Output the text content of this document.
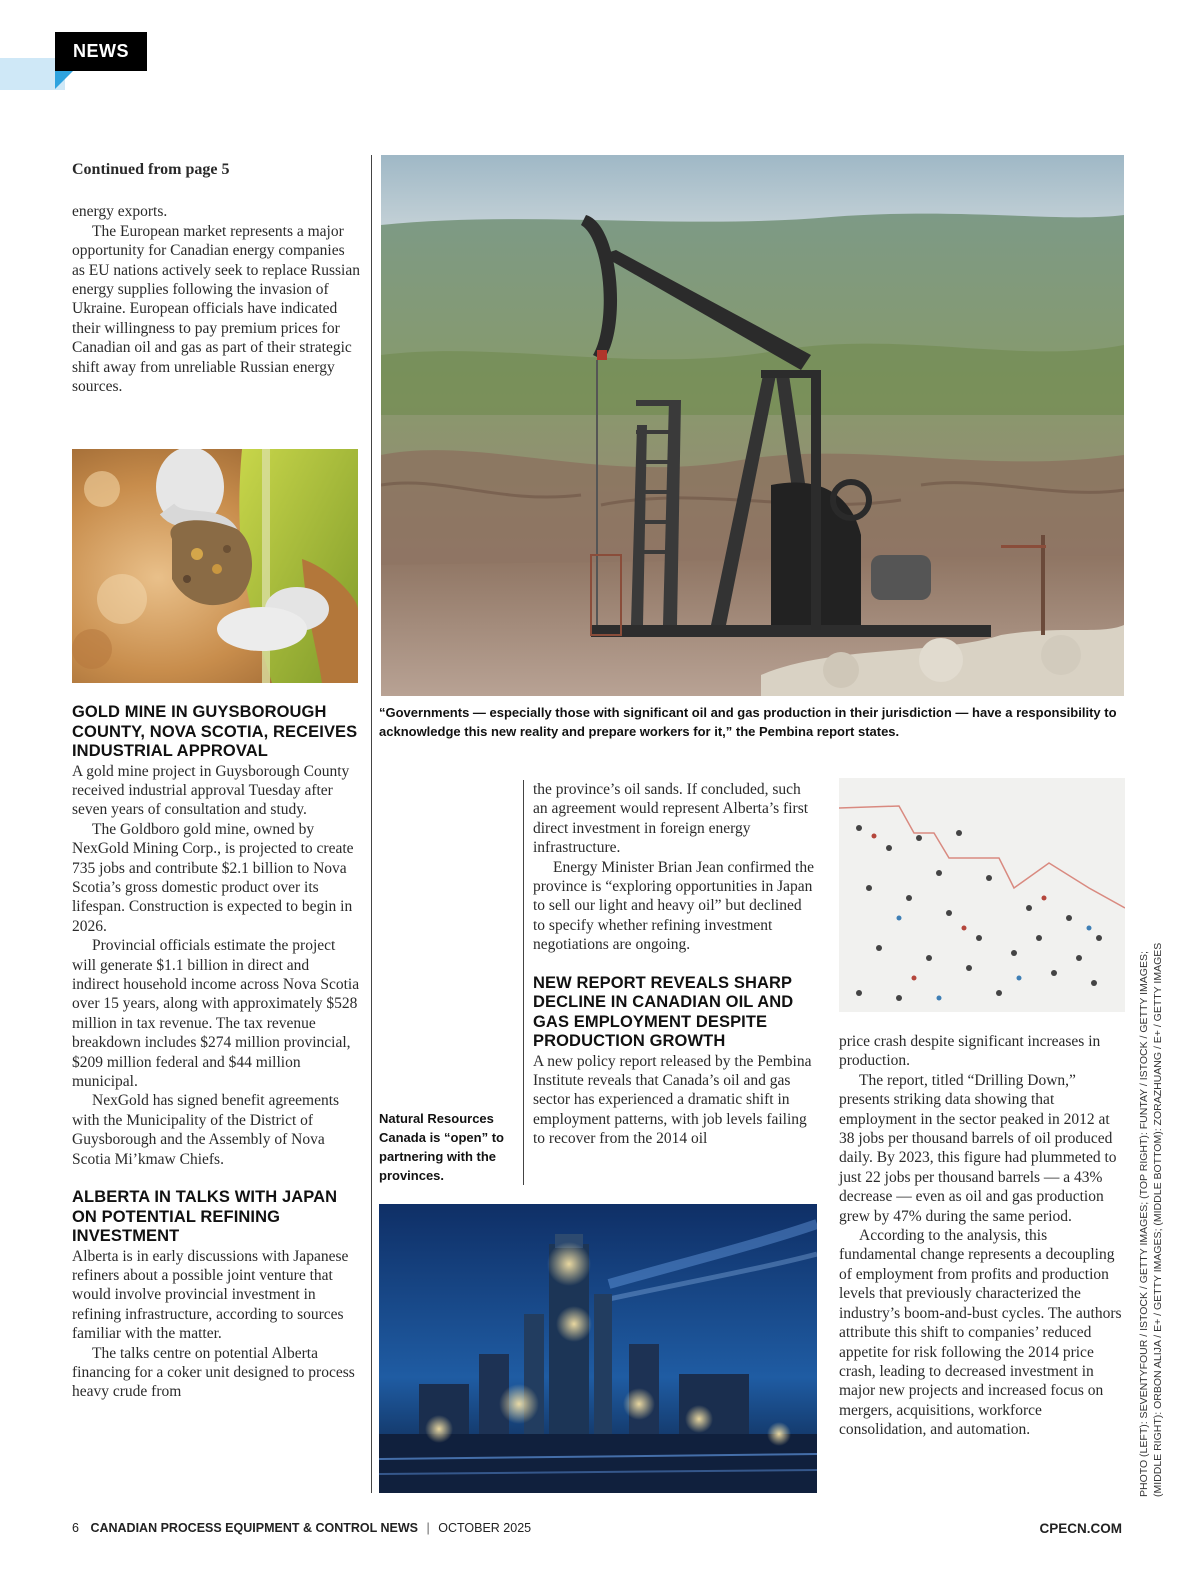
NEWS
Continued from page 5

energy exports.

The European market represents a major opportunity for Canadian energy companies as EU nations actively seek to replace Russian energy supplies following the invasion of Ukraine. European officials have indicated their willingness to pay premium prices for Canadian oil and gas as part of their strategic shift away from unreliable Russian energy sources.

GOLD MINE IN GUYSBOROUGH COUNTY, NOVA SCOTIA, RECEIVES INDUSTRIAL APPROVAL

A gold mine project in Guysborough County received industrial approval Tuesday after seven years of consultation and study.

The Goldboro gold mine, owned by NexGold Mining Corp., is projected to create 735 jobs and contribute $2.1 billion to Nova Scotia’s gross domestic product over its lifespan. Construction is expected to begin in 2026.

Provincial officials estimate the project will generate $1.1 billion in direct and indirect household income across Nova Scotia over 15 years, along with approximately $528 million in tax revenue. The tax revenue breakdown includes $274 million provincial, $209 million federal and $44 million municipal.

NexGold has signed benefit agreements with the Municipality of the District of Guysborough and the Assembly of Nova Scotia Mi’kmaw Chiefs.

ALBERTA IN TALKS WITH JAPAN ON POTENTIAL REFINING INVESTMENT

Alberta is in early discussions with Japanese refiners about a possible joint venture that would involve provincial investment in refining infrastructure, according to sources familiar with the matter.

The talks centre on potential Alberta financing for a coker unit designed to process heavy crude from

“Governments — especially those with significant oil and gas production in their jurisdiction — have a responsibility to acknowledge this new reality and prepare workers for it,” the Pembina report states.

the province’s oil sands. If concluded, such an agreement would represent Alberta’s first direct investment in foreign energy infrastructure.

Energy Minister Brian Jean confirmed the province is “exploring opportunities in Japan to sell our light and heavy oil” but declined to specify whether refining investment negotiations are ongoing.

NEW REPORT REVEALS SHARP DECLINE IN CANADIAN OIL AND GAS EMPLOYMENT DESPITE PRODUCTION GROWTH

A new policy report released by the Pembina Institute reveals that Canada’s oil and gas sector has experienced a dramatic shift in employment patterns, with job levels failing to recover from the 2014 oil

Natural Resources Canada is “open” to partnering with the provinces.

price crash despite significant increases in production.

The report, titled “Drilling Down,” presents striking data showing that employment in the sector peaked in 2012 at 38 jobs per thousand barrels of oil produced daily. By 2023, this figure had plummeted to just 22 jobs per thousand barrels — a 43% decrease — even as oil and gas production grew by 47% during the same period.

According to the analysis, this fundamental change represents a decoupling of employment from profits and production levels that previously characterized the industry’s boom-and-bust cycles. The authors attribute this shift to companies’ reduced appetite for risk following the 2014 price crash, leading to decreased investment in major new projects and increased focus on mergers, acquisitions, workforce consolidation, and automation.	PHOTO (LEFT): SEVENTYFOUR / ISTOCK / GETTY IMAGES; (TOP RIGHT): FUNTAY / ISTOCK / GETTY IMAGES; (MIDDLE RIGHT): ORBON ALIJA / E+ / GETTY IMAGES; (MIDDLE BOTTOM): ZORAZHUANG / E+ / GETTY IMAGES
6 CANADIAN PROCESS EQUIPMENT & CONTROL NEWS | OCTOBER 2025	CPECN.COM
